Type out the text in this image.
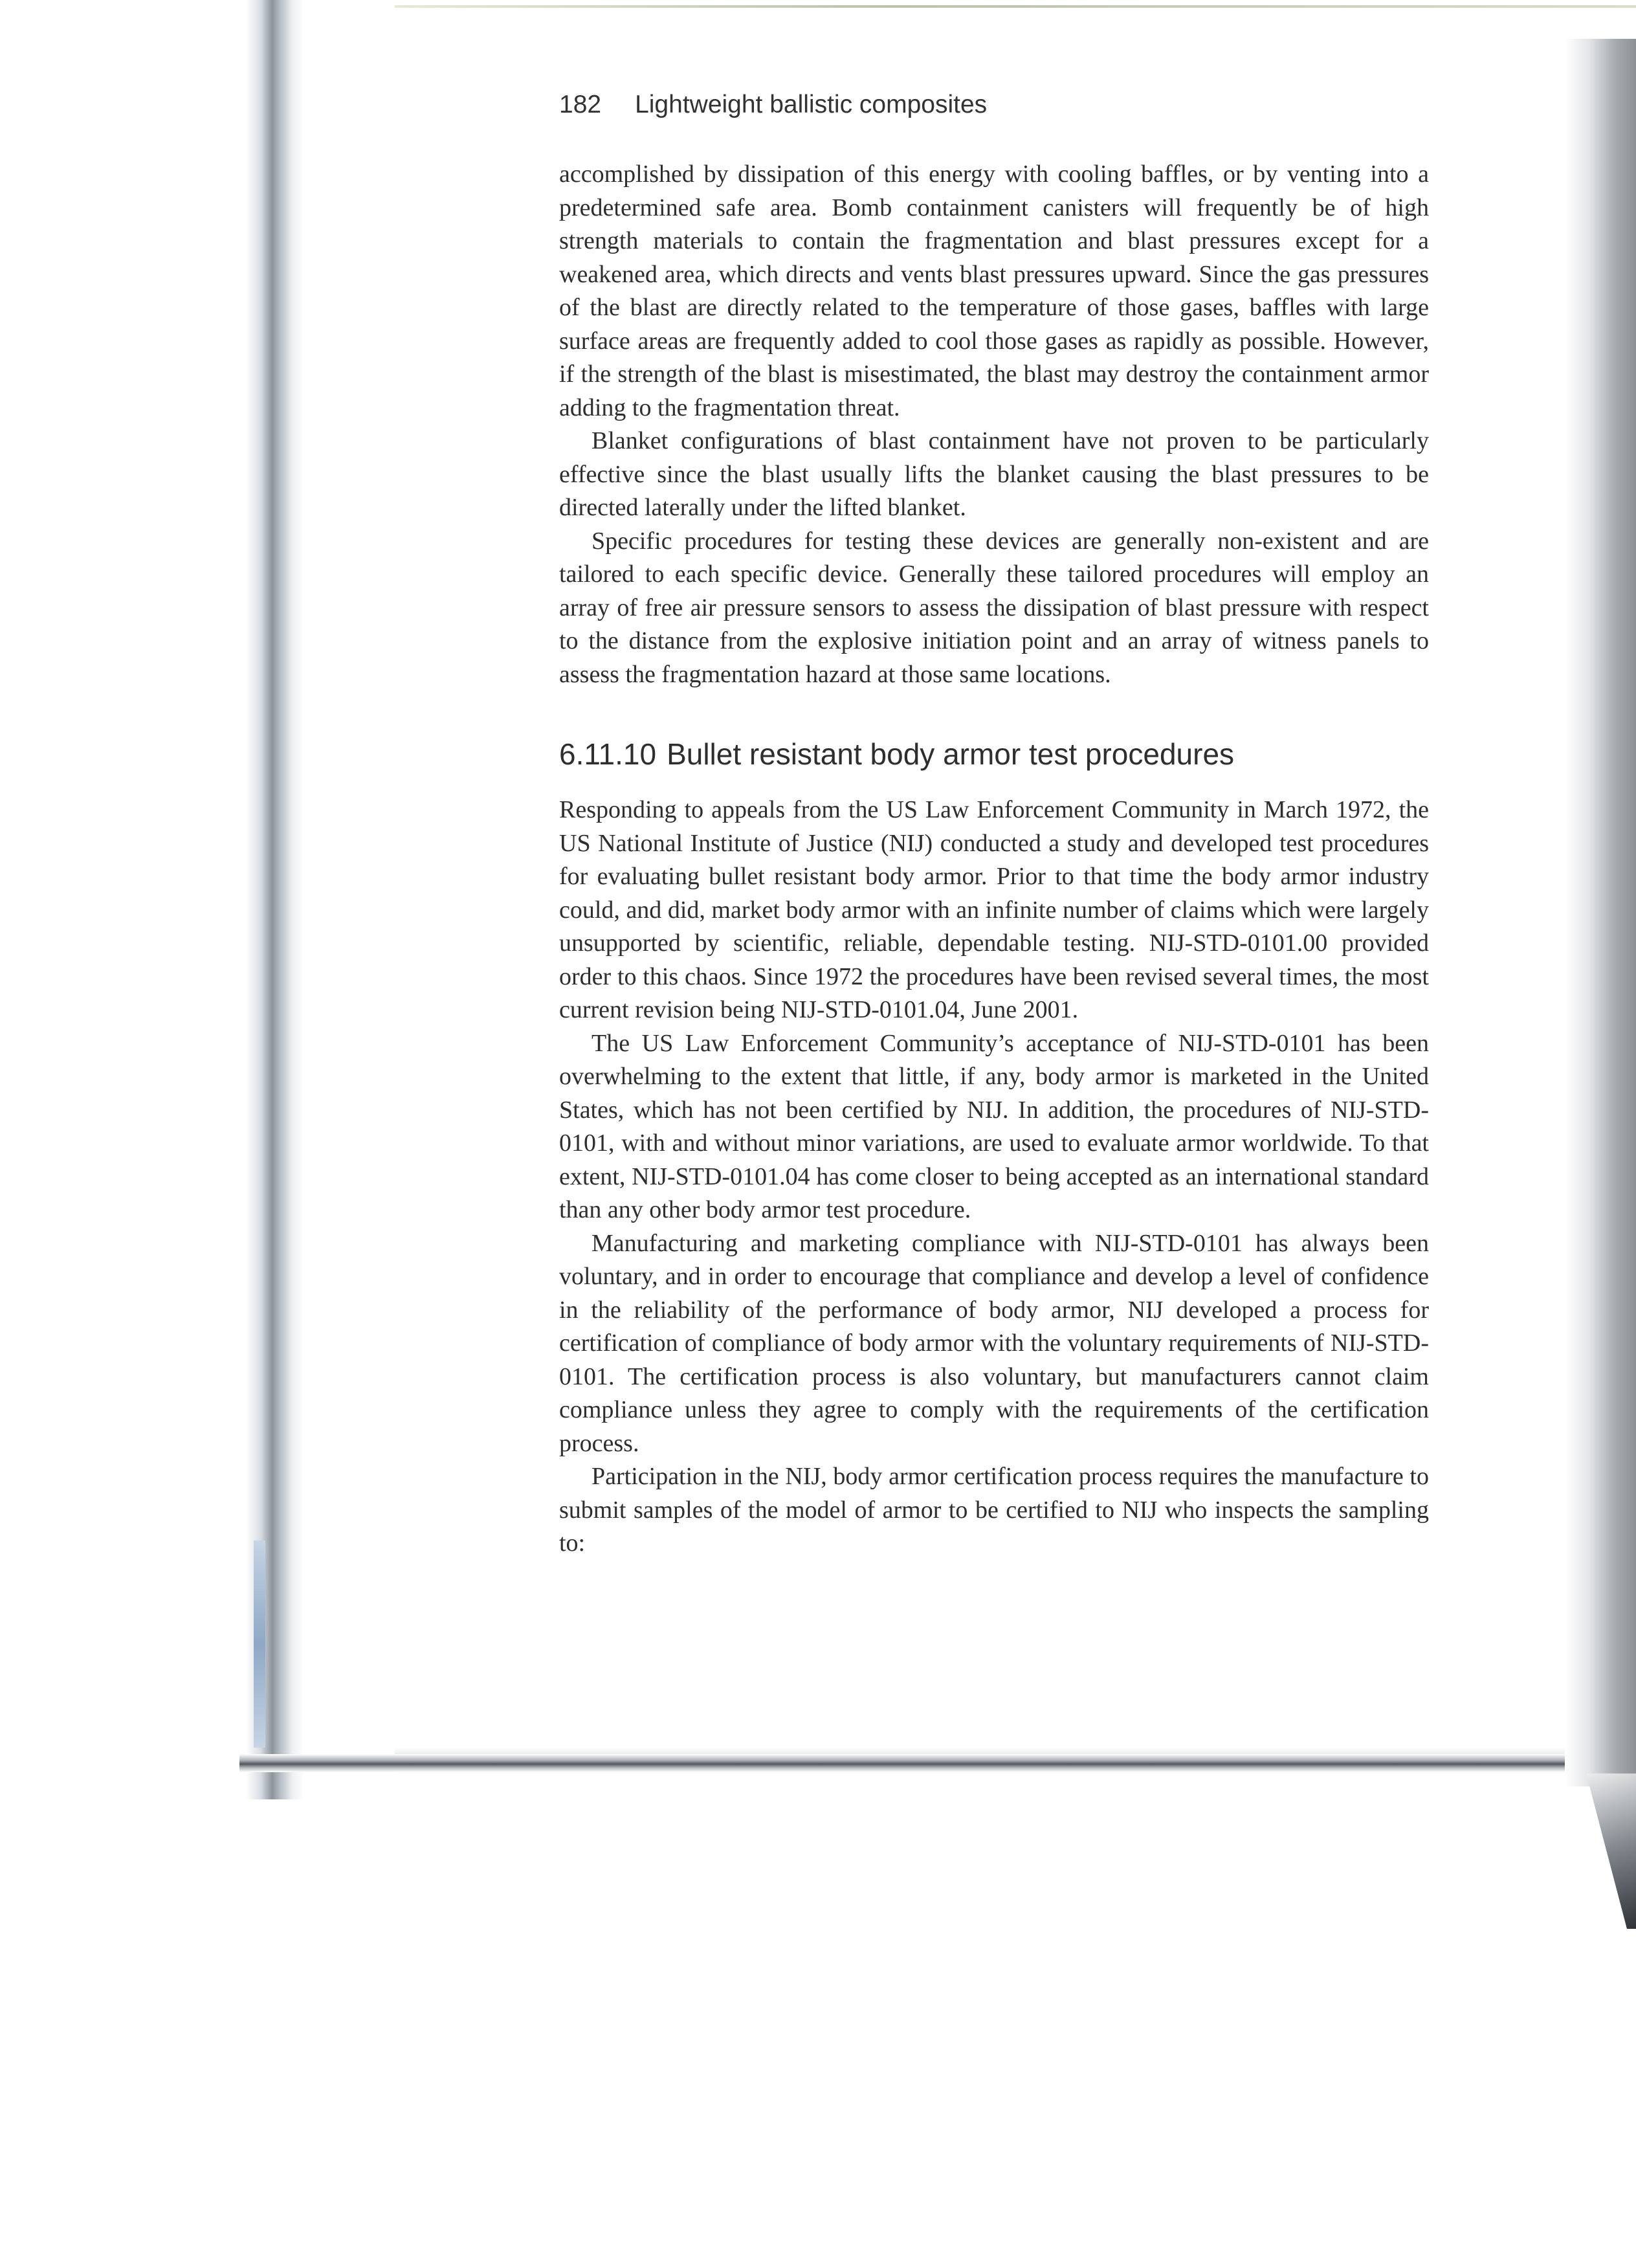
182 Lightweight ballistic composites

accomplished by dissipation of this energy with cooling baffles, or by venting into a predetermined safe area. Bomb containment canisters will frequently be of high strength materials to contain the fragmentation and blast pressures except for a weakened area, which directs and vents blast pressures upward. Since the gas pressures of the blast are directly related to the temperature of those gases, baffles with large surface areas are frequently added to cool those gases as rapidly as possible. However, if the strength of the blast is misestimated, the blast may destroy the containment armor adding to the fragmentation threat.

Blanket configurations of blast containment have not proven to be particularly effective since the blast usually lifts the blanket causing the blast pressures to be directed laterally under the lifted blanket.

Specific procedures for testing these devices are generally non-existent and are tailored to each specific device. Generally these tailored procedures will employ an array of free air pressure sensors to assess the dissipation of blast pressure with respect to the distance from the explosive initiation point and an array of witness panels to assess the fragmentation hazard at those same locations.

6.11.10 Bullet resistant body armor test procedures

Responding to appeals from the US Law Enforcement Community in March 1972, the US National Institute of Justice (NIJ) conducted a study and developed test procedures for evaluating bullet resistant body armor. Prior to that time the body armor industry could, and did, market body armor with an infinite number of claims which were largely unsupported by scientific, reliable, dependable testing. NIJ-STD-0101.00 provided order to this chaos. Since 1972 the procedures have been revised several times, the most current revision being NIJ-STD-0101.04, June 2001.

The US Law Enforcement Community’s acceptance of NIJ-STD-0101 has been overwhelming to the extent that little, if any, body armor is marketed in the United States, which has not been certified by NIJ. In addition, the procedures of NIJ-STD-0101, with and without minor variations, are used to evaluate armor worldwide. To that extent, NIJ-STD-0101.04 has come closer to being accepted as an international standard than any other body armor test procedure.

Manufacturing and marketing compliance with NIJ-STD-0101 has always been voluntary, and in order to encourage that compliance and develop a level of confidence in the reliability of the performance of body armor, NIJ developed a process for certification of compliance of body armor with the voluntary requirements of NIJ-STD-0101. The certification process is also voluntary, but manufacturers cannot claim compliance unless they agree to comply with the requirements of the certification process.

Participation in the NIJ, body armor certification process requires the manufacture to submit samples of the model of armor to be certified to NIJ who inspects the sampling to:
